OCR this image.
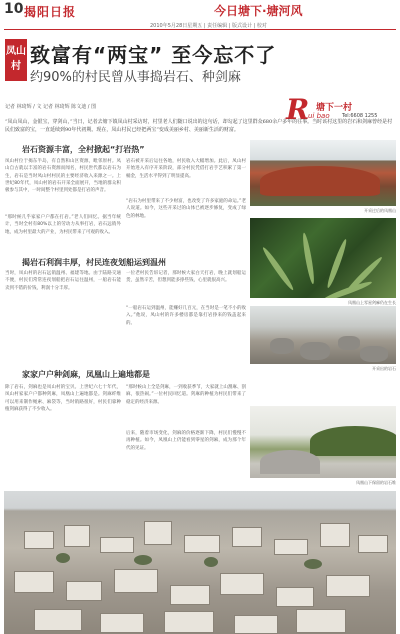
10 揭阳日报	今日塘下·塘河风
2010年5月28日星期五 | 责任编辑 | 版式设计 | 校对
凤山村 致富有“两宝” 至今忘不了
约90%的村民曾从事捣岩石、种剑麻
记者 林琦辉 / 文 记者 林琦辉 陈文迪 / 图	R 塘下一村
ui bao Tel:6608 1255

“凤山凤山，金银宝，穿剑山，”当日，记者去塘下镇凤山村采访时，村里老人们随口说出的这句话，却勾起了这里群众680余户多年的往事。当时该村这里的岩石和剑麻曾经是村民们致富的宝，一直延续到90年代初期。现在，凤山村民已经把两宝”变成美丽乡村、美丽新生活的财富。

岩石资源丰富，全村掀起“打岩热”

凤山村位于揭东半岛，有自然和山区资源，毗邻原村。凤山自古就以丰富的岩石资源而闻名，村民世代都以岩石为生，岩石是当时凤山村村民的主要经济收入来源之一。上世纪80年代，凤山村的岩石开采全面展开，当地的群众积极参与其中，一时间整个村里到处都是打岩的声音。

“那时候几乎家家户户都在打岩。”老人们回忆。据当年统计，当时全村有80%以上的劳动力从事打岩，岩石远销外地，成为村里最大的产业，为村民带来了可观的收入。

岩石被开采后运往各地，村民收入大幅增加。此后，凤山村开始进入有序开采阶段，部分村民凭借打岩手艺积累了第一桶金，生活水平得到了明显提高。

“岩石为村里带来了不少财富，也改变了许多家庭的命运。”老人说道。如今，这些开采过的山体已被逐步修复，变成了绿色的林地。

揭岩石利润丰厚，村民连夜划船运到温州

当时，凤山村的岩石远销温州、福建等地。由于陆路交通不便，村民们常常连夜划船把岩石运往温州，一船岩石能卖到不错的价钱，利润十分丰厚。

一位老村民告诉记者，那时候大家白天打岩，晚上就划船运货，虽然辛苦，但想到能多挣些钱，心里就很高兴。

“一船岩石运到温州，能赚好几百元，在当时是一笔不小的收入。”他说，凤山村的许多楼房都是靠打岩挣来的钱盖起来的。

家家户户种剑麻，凤凰山上遍地都是

除了岩石，剑麻也是凤山村的宝贝。上世纪六七十年代，凤山村家家户户都种剑麻，凤凰山上遍地都是。剑麻纤维可以用来制作绳索、麻袋等，当时销路很好，村民们靠种植剑麻获得了不少收入。

“那时候山上全是剑麻，一到收获季节，大家就上山割麻、刮麻，很热闹。”一位村民回忆道。剑麻的种植为村民们带来了稳定的经济来源。

后来，随着市场变化，剑麻的价格逐渐下降，村民们慢慢不再种植。如今，凤凰山上仍能看到零星的剑麻，成为那个年代的见证。

开采过后的凤凰山
凤凰山上零星剑麻仍在生长
开采出的岩石
凤凰山下保留的岩石堆
